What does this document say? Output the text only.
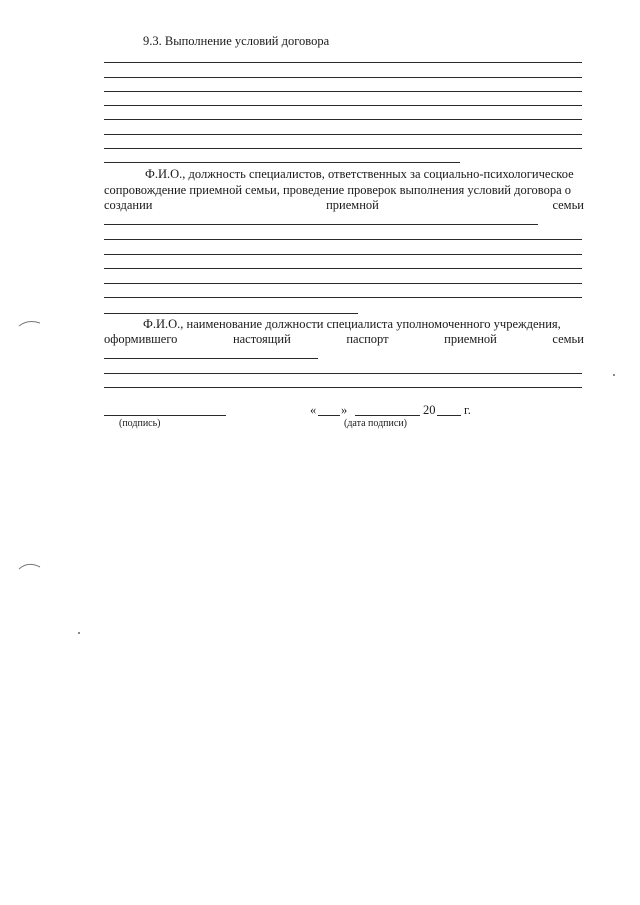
9.3. Выполнение условий договора
Ф.И.О., должность специалистов, ответственных за социально-психологическое
сопровождение приемной семьи, проведение проверок выполнения условий договора о
создании	приемной	семьи
Ф.И.О., наименование должности специалиста уполномоченного учреждения,
оформившего	настоящий	паспорт	приемной	семьи
(подпись)
« »	20 г.
(дата подписи)
